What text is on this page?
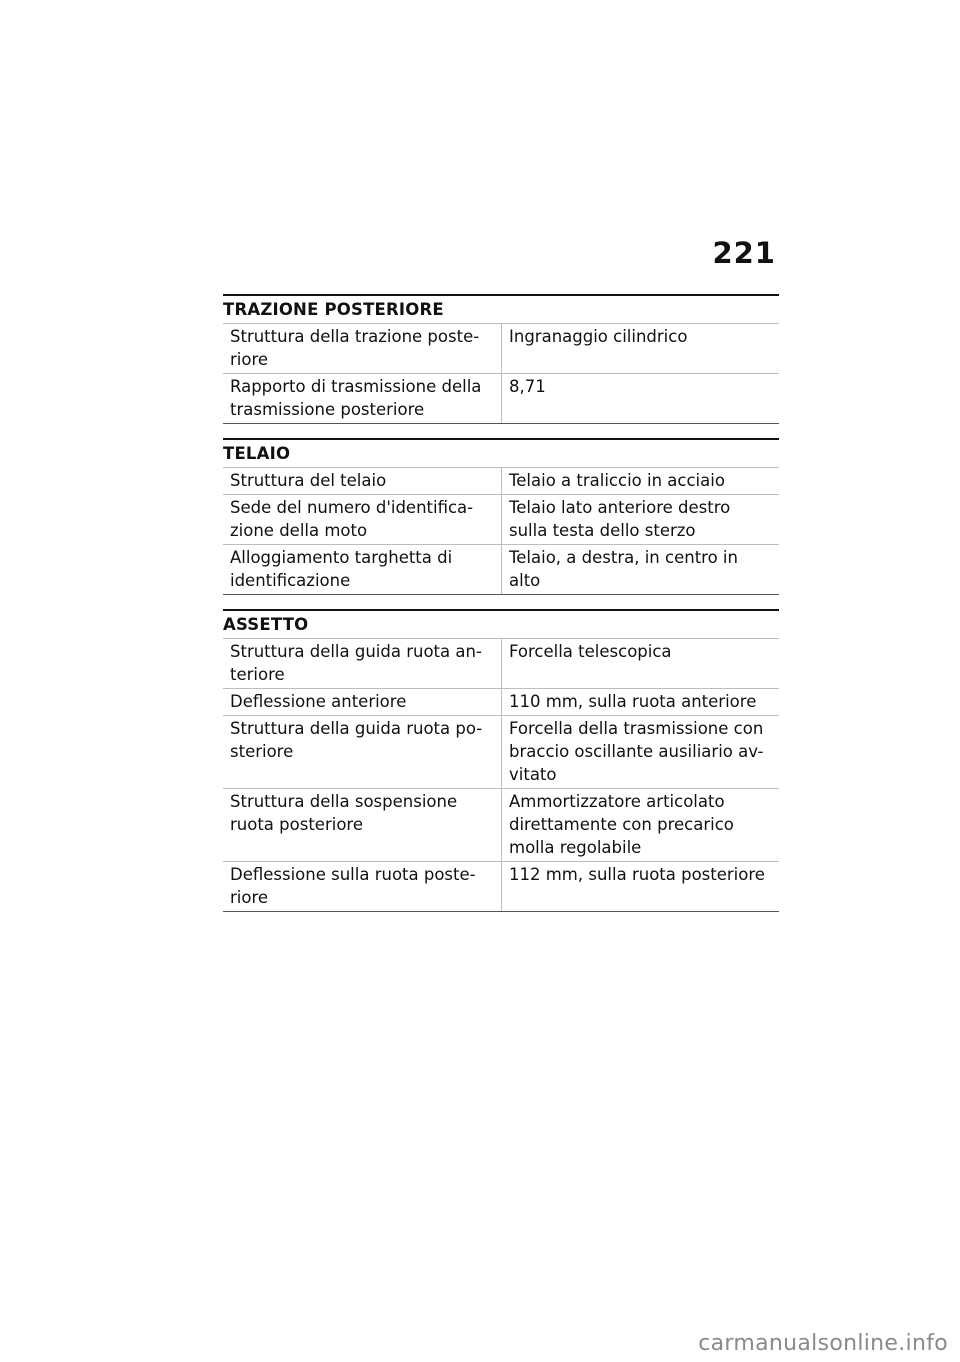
221
TRAZIONE POSTERIORE
Struttura della trazione poste-
riore	Ingranaggio cilindrico
Rapporto di trasmissione della
trasmissione posteriore	8,71
TELAIO
Struttura del telaio	Telaio a traliccio in acciaio
Sede del numero d'identifica-
zione della moto	Telaio lato anteriore destro
sulla testa dello sterzo
Alloggiamento targhetta di
identificazione	Telaio, a destra, in centro in
alto
ASSETTO
Struttura della guida ruota an-
teriore	Forcella telescopica
Deflessione anteriore	110 mm, sulla ruota anteriore
Struttura della guida ruota po-
steriore	Forcella della trasmissione con
braccio oscillante ausiliario av-
vitato
Struttura della sospensione
ruota posteriore	Ammortizzatore articolato
direttamente con precarico
molla regolabile
Deflessione sulla ruota poste-
riore	112 mm, sulla ruota posteriore
carmanualsonline.info
